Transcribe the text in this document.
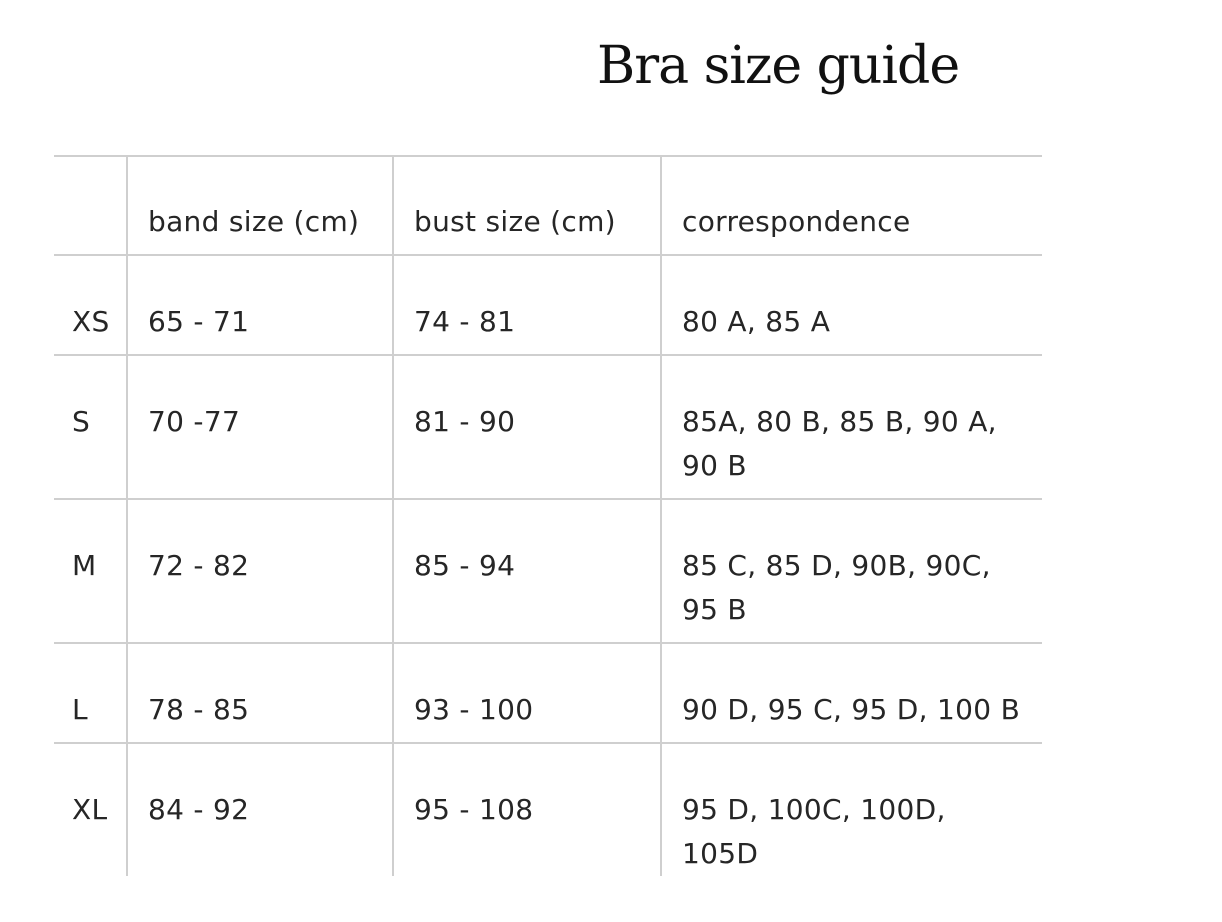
Bra size guide
	band size (cm)	bust size (cm)	correspondence
XS	65 - 71	74 - 81	80 A, 85 A
S	70 -77	81 - 90	85A, 80 B, 85 B, 90 A, 90 B
M	72 - 82	85 - 94	85 C, 85 D, 90B, 90C, 95 B
L	78 - 85	93 - 100	90 D, 95 C, 95 D, 100 B
XL	84 - 92	95 - 108	95 D, 100C, 100D, 105D
